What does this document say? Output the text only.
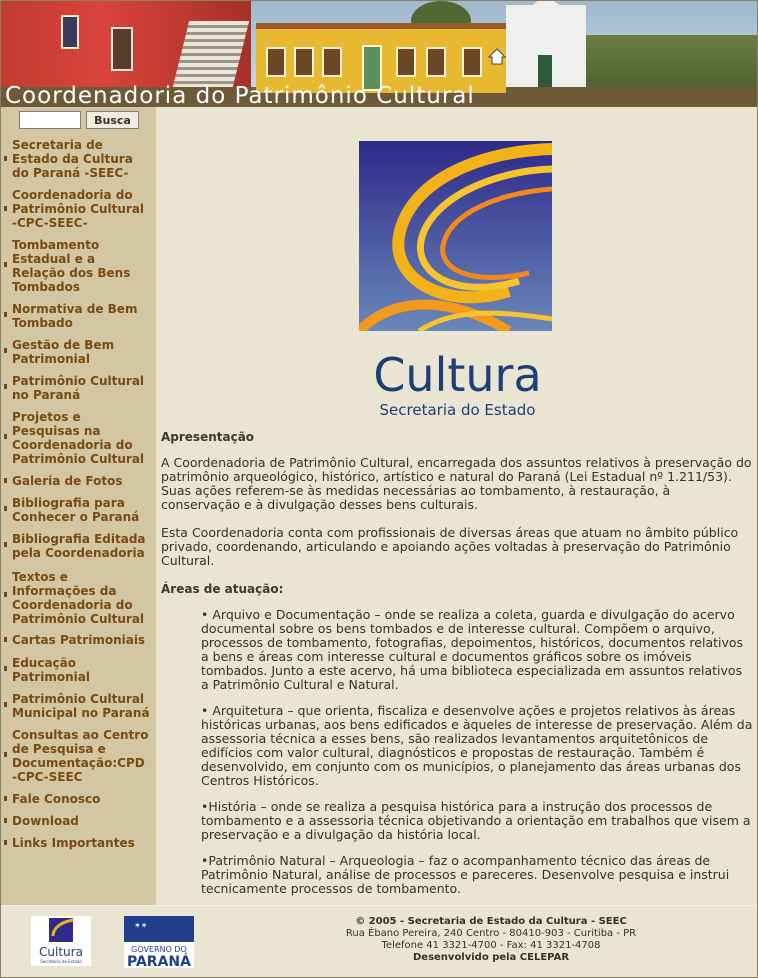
Coordenadoria do Patrimônio Cultural
Busca
Secretaria de Estado da Cultura do Paraná -SEEC-
Coordenadoria do Patrimônio Cultural -CPC-SEEC-
Tombamento Estadual e a Relação dos Bens Tombados
Normativa de Bem Tombado
Gestão de Bem Patrimonial
Patrimônio Cultural no Paraná
Projetos e Pesquisas na Coordenadoria do Patrimônio Cultural
Galeria de Fotos
Bibliografia para Conhecer o Paraná
Bibliografia Editada pela Coordenadoria
Textos e Informações da Coordenadoria do Patrimônio Cultural
Cartas Patrimoniais
Educação Patrimonial
Patrimônio Cultural Municipal no Paraná
Consultas ao Centro de Pesquisa e Documentação:CPD -CPC-SEEC
Fale Conosco
Download
Links Importantes
Cultura
Secretaria do Estado
Apresentação
A Coordenadoria de Patrimônio Cultural, encarregada dos assuntos relativos à preservação do patrimônio arqueológico, histórico, artístico e natural do Paraná (Lei Estadual nº 1.211/53). Suas ações referem-se às medidas necessárias ao tombamento, à restauração, à conservação e à divulgação desses bens culturais.
Esta Coordenadoria conta com profissionais de diversas áreas que atuam no âmbito público privado, coordenando, articulando e apoiando ações voltadas à preservação do Patrimônio Cultural.
Áreas de atuação:
• Arquivo e Documentação – onde se realiza a coleta, guarda e divulgação do acervo documental sobre os bens tombados e de interesse cultural. Compõem o arquivo, processos de tombamento, fotografias, depoimentos, históricos, documentos relativos a bens e áreas com interesse cultural e documentos gráficos sobre os imóveis tombados. Junto a este acervo, há uma biblioteca especializada em assuntos relativos a Patrimônio Cultural e Natural.
• Arquitetura – que orienta, fiscaliza e desenvolve ações e projetos relativos às áreas históricas urbanas, aos bens edificados e àqueles de interesse de preservação. Além da assessoria técnica a esses bens, são realizados levantamentos arquitetônicos de edifícios com valor cultural, diagnósticos e propostas de restauração. Também é desenvolvido, em conjunto com os municípios, o planejamento das áreas urbanas dos Centros Históricos.
•História – onde se realiza a pesquisa histórica para a instrução dos processos de tombamento e a assessoria técnica objetivando a orientação em trabalhos que visem a preservação e a divulgação da história local.
•Patrimônio Natural – Arqueologia – faz o acompanhamento técnico das áreas de Patrimônio Natural, análise de processos e pareceres. Desenvolve pesquisa e instrui tecnicamente processos de tombamento.
Cultura
Secretaria de Estado
✶✶
GOVERNO DO
PARANÁ
© 2005 - Secretaria de Estado da Cultura - SEEC
Rua Ébano Pereira, 240 Centro - 80410-903 - Curitiba - PR
Telefone 41 3321-4700 - Fax: 41 3321-4708
Desenvolvido pela CELEPAR
